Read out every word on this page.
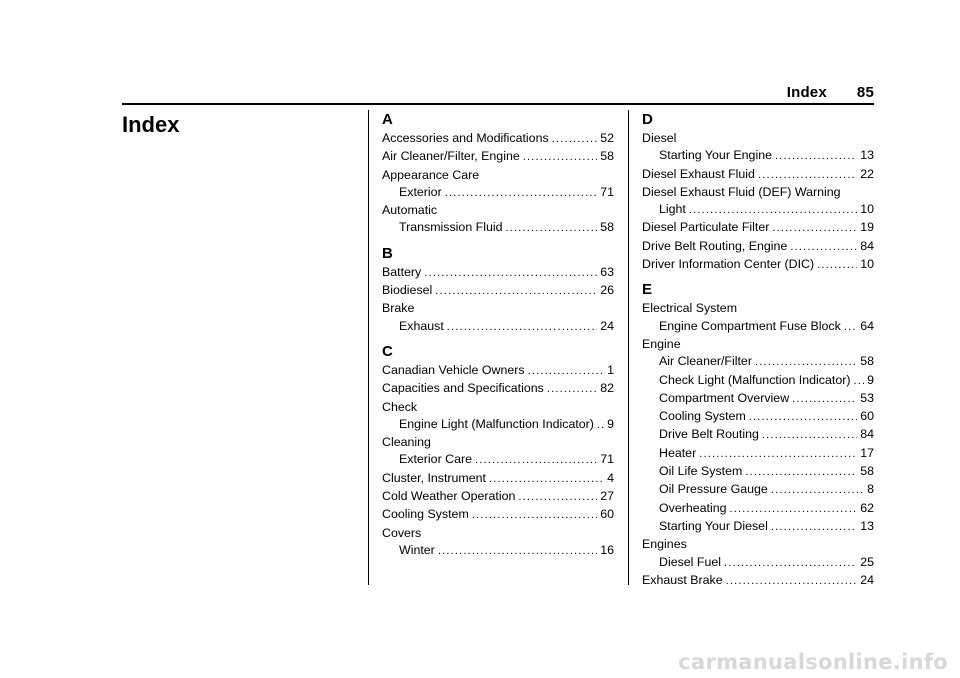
Index 85
Index	A
Accessories and Modifications .....	52
Air Cleaner/Filter, Engine .....	58
Appearance Care
Exterior .....	71
Automatic
Transmission Fluid .....	58
B
Battery .....	63
Biodiesel .....	26
Brake
Exhaust .....	24
C
Canadian Vehicle Owners .....	1
Capacities and Specifications .....	82
Check
Engine Light (Malfunction Indicator) ..... 9
Cleaning
Exterior Care .....	71
Cluster, Instrument .....	4
Cold Weather Operation .....	27
Cooling System .....	60
Covers
Winter .....	16
D
Diesel
Starting Your Engine .....	13
Diesel Exhaust Fluid .....	22
Diesel Exhaust Fluid (DEF) Warning
Light .....	10
Diesel Particulate Filter .....	19
Drive Belt Routing, Engine .....	84
Driver Information Center (DIC) .....	10
E
Electrical System
Engine Compartment Fuse Block ..... 64
Engine
Air Cleaner/Filter .....	58
Check Light (Malfunction Indicator) ..... 9
Compartment Overview .....	53
Cooling System .....	60
Drive Belt Routing .....	84
Heater .....	17
Oil Life System .....	58
Oil Pressure Gauge .....	8
Overheating .....	62
Starting Your Diesel .....	13
Engines
Diesel Fuel .....	25
Exhaust Brake .....	24
carmanualsonline.info
